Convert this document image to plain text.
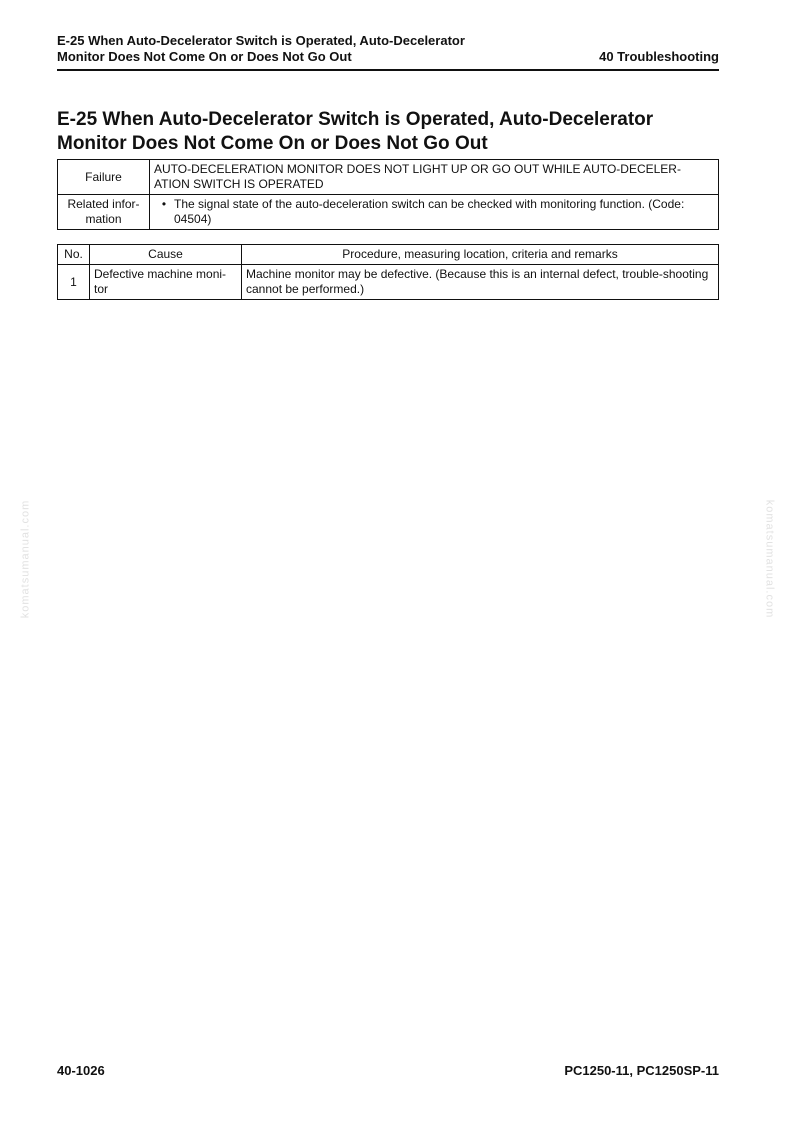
E-25 When Auto-Decelerator Switch is Operated, Auto-Decelerator
Monitor Does Not Come On or Does Not Go Out	40 Troubleshooting
E-25 When Auto-Decelerator Switch is Operated, Auto-Decelerator Monitor Does Not Come On or Does Not Go Out
Failure	AUTO-DECELERATION MONITOR DOES NOT LIGHT UP OR GO OUT WHILE AUTO-DECELER-ATION SWITCH IS OPERATED
Related infor-mation	• The signal state of the auto-deceleration switch can be checked with monitoring function. (Code: 04504)
No.	Cause	Procedure, measuring location, criteria and remarks
1	Defective machine moni-tor	Machine monitor may be defective. (Because this is an internal defect, trouble-shooting cannot be performed.)
komatsumanual.com	komatsumanual.com
40-1026	PC1250-11, PC1250SP-11
